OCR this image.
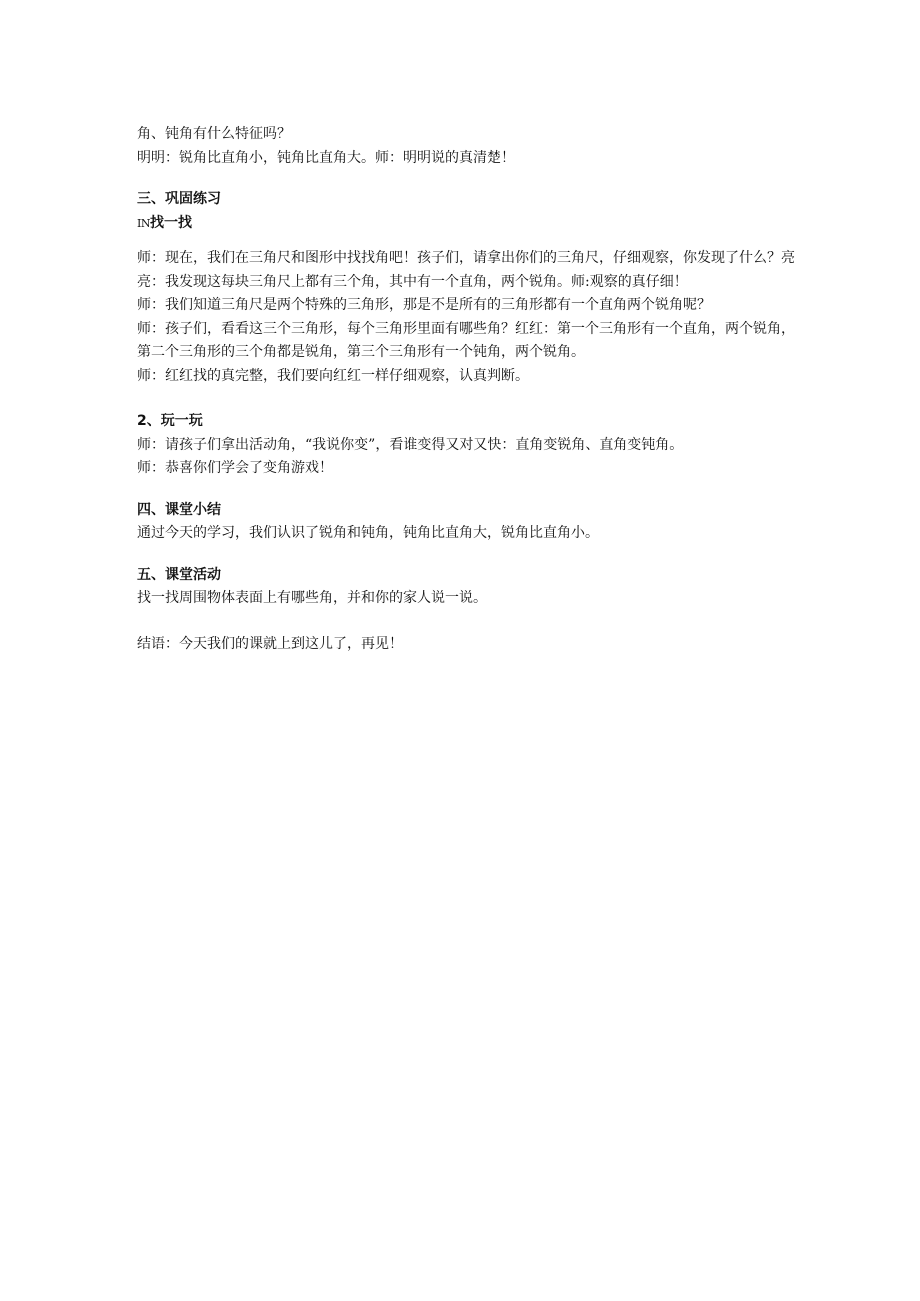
角、钝角有什么特征吗？
明明：锐角比直角小，钝角比直角大。师：明明说的真清楚！
三、巩固练习
IN找一找
师：现在，我们在三角尺和图形中找找角吧！孩子们，请拿出你们的三角尺，仔细观察，你发现了什么？亮亮：我发现这每块三角尺上都有三个角，其中有一个直角，两个锐角。师:观察的真仔细！
师：我们知道三角尺是两个特殊的三角形，那是不是所有的三角形都有一个直角两个锐角呢？
师：孩子们，看看这三个三角形，每个三角形里面有哪些角？红红：第一个三角形有一个直角，两个锐角，第二个三角形的三个角都是锐角，第三个三角形有一个钝角，两个锐角。
师：红红找的真完整，我们要向红红一样仔细观察，认真判断。
2、玩一玩
师：请孩子们拿出活动角，“我说你变”，看谁变得又对又快：直角变锐角、直角变钝角。
师：恭喜你们学会了变角游戏！
四、课堂小结
通过今天的学习，我们认识了锐角和钝角，钝角比直角大，锐角比直角小。
五、课堂活动
找一找周围物体表面上有哪些角，并和你的家人说一说。
结语：今天我们的课就上到这儿了，再见！
